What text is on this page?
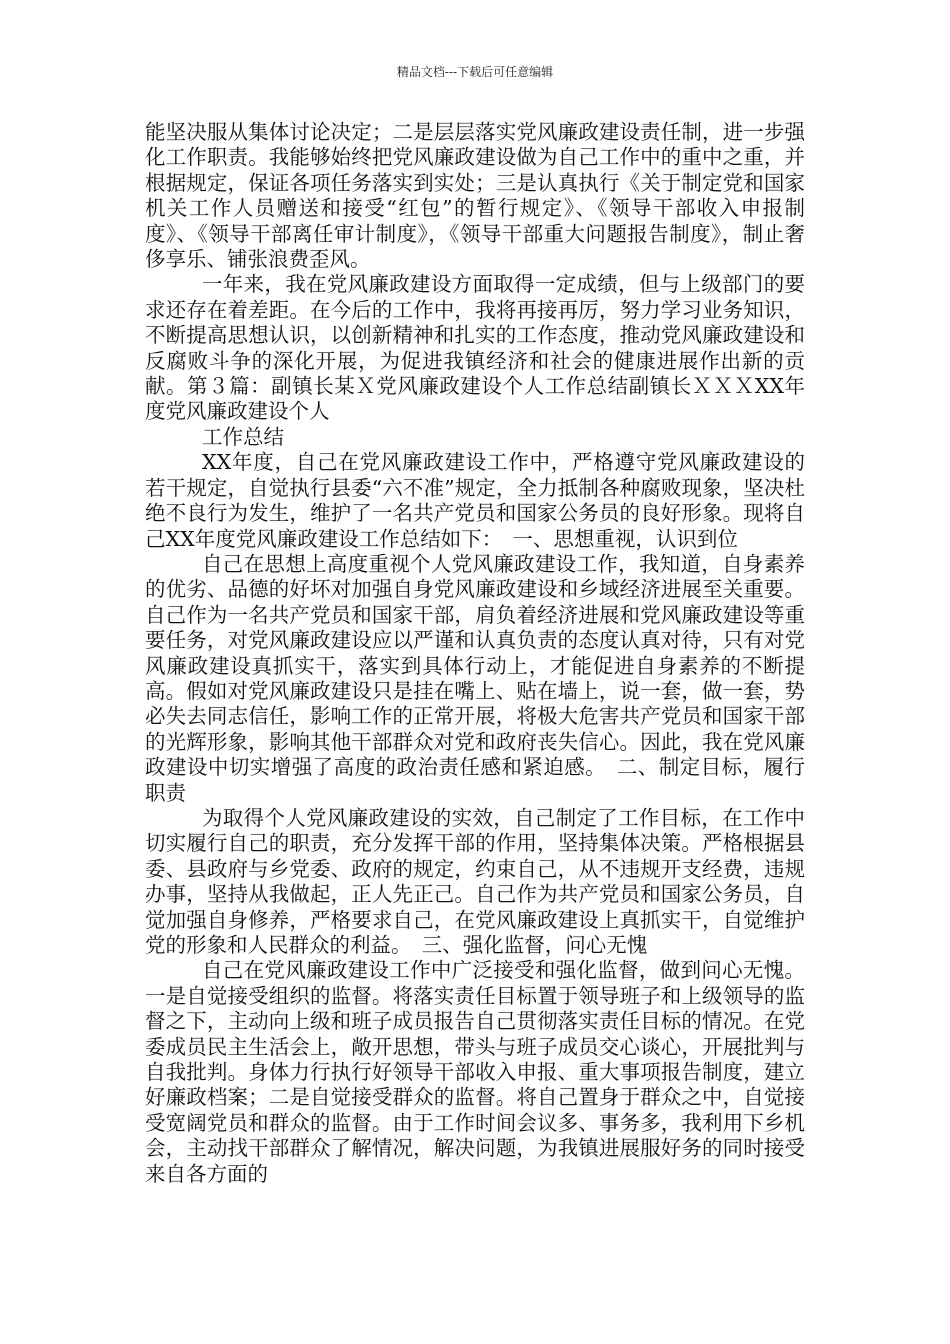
精品文档---下载后可任意编辑

能坚决服从集体讨论决定；二是层层落实党风廉政建设责任制，进一步强化工作职责。我能够始终把党风廉政建设做为自己工作中的重中之重，并根据规定，保证各项任务落实到实处；三是认真执行《关于制定党和国家机关工作人员赠送和接受“红包”的暂行规定》、《领导干部收入申报制度》、《领导干部离任审计制度》，《领导干部重大问题报告制度》，制止奢侈享乐、铺张浪费歪风。

一年来，我在党风廉政建设方面取得一定成绩，但与上级部门的要求还存在着差距。在今后的工作中，我将再接再厉，努力学习业务知识，不断提高思想认识，以创新精神和扎实的工作态度，推动党风廉政建设和反腐败斗争的深化开展，为促进我镇经济和社会的健康进展作出新的贡献。第３篇：副镇长某Ｘ党风廉政建设个人工作总结副镇长ＸＸＸXX年度党风廉政建设个人

工作总结

XX年度，自己在党风廉政建设工作中，严格遵守党风廉政建设的若干规定，自觉执行县委“六不准”规定，全力抵制各种腐败现象，坚决杜绝不良行为发生，维护了一名共产党员和国家公务员的良好形象。现将自己XX年度党风廉政建设工作总结如下：　一、思想重视，认识到位

自己在思想上高度重视个人党风廉政建设工作，我知道，自身素养的优劣、品德的好坏对加强自身党风廉政建设和乡域经济进展至关重要。自己作为一名共产党员和国家干部，肩负着经济进展和党风廉政建设等重要任务，对党风廉政建设应以严谨和认真负责的态度认真对待，只有对党风廉政建设真抓实干，落实到具体行动上，才能促进自身素养的不断提高。假如对党风廉政建设只是挂在嘴上、贴在墙上，说一套，做一套，势必失去同志信任，影响工作的正常开展，将极大危害共产党员和国家干部的光辉形象，影响其他干部群众对党和政府丧失信心。因此，我在党风廉政建设中切实增强了高度的政治责任感和紧迫感。　二、制定目标，履行职责

为取得个人党风廉政建设的实效，自己制定了工作目标，在工作中切实履行自己的职责，充分发挥干部的作用，坚持集体决策。严格根据县委、县政府与乡党委、政府的规定，约束自己，从不违规开支经费，违规办事，坚持从我做起，正人先正己。自己作为共产党员和国家公务员，自觉加强自身修养，严格要求自己，在党风廉政建设上真抓实干，自觉维护党的形象和人民群众的利益。　三、强化监督，问心无愧

自己在党风廉政建设工作中广泛接受和强化监督，做到问心无愧。一是自觉接受组织的监督。将落实责任目标置于领导班子和上级领导的监督之下，主动向上级和班子成员报告自己贯彻落实责任目标的情况。在党委成员民主生活会上，敞开思想，带头与班子成员交心谈心，开展批判与自我批判。身体力行执行好领导干部收入申报、重大事项报告制度，建立好廉政档案；二是自觉接受群众的监督。将自己置身于群众之中，自觉接受宽阔党员和群众的监督。由于工作时间会议多、事务多，我利用下乡机会，主动找干部群众了解情况，解决问题，为我镇进展服好务的同时接受来自各方面的
